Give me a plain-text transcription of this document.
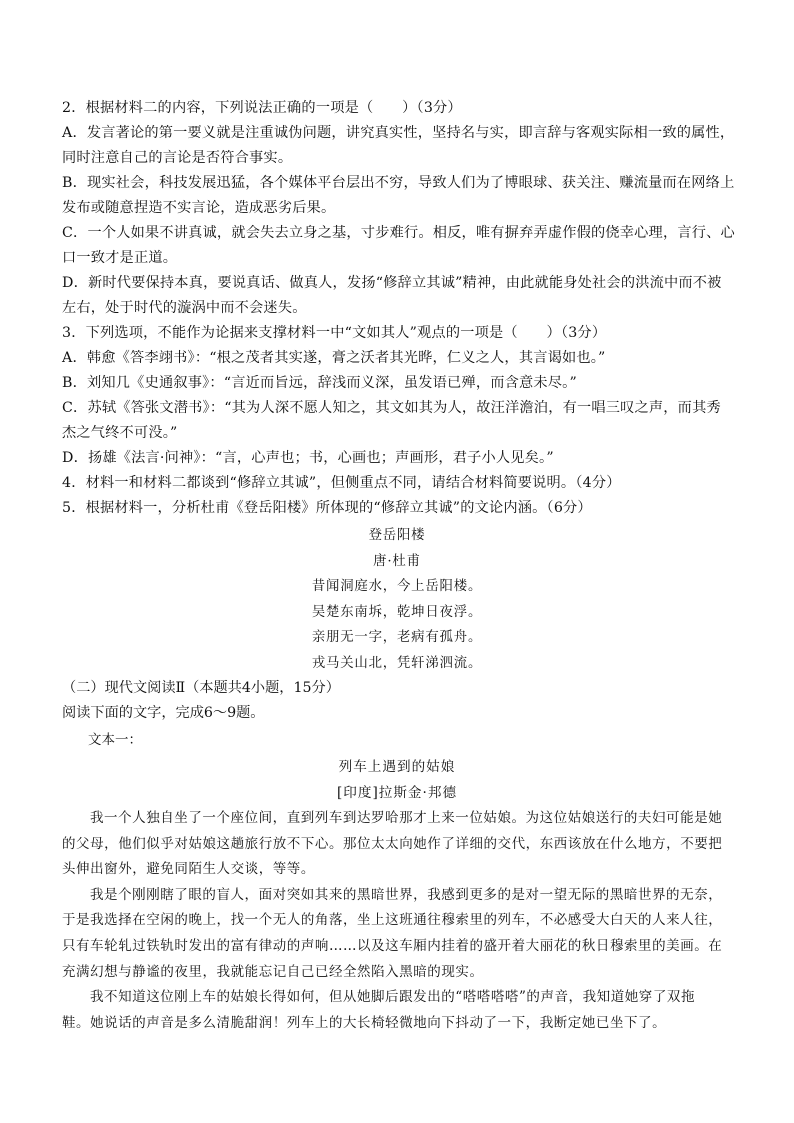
2．根据材料二的内容，下列说法正确的一项是（　　）（3分）
A．发言著论的第一要义就是注重诚伪问题，讲究真实性，坚持名与实，即言辞与客观实际相一致的属性，
同时注意自己的言论是否符合事实。
B．现实社会，科技发展迅猛，各个媒体平台层出不穷，导致人们为了博眼球、获关注、赚流量而在网络上
发布或随意捏造不实言论，造成恶劣后果。
C．一个人如果不讲真诚，就会失去立身之基，寸步难行。相反，唯有摒弃弄虚作假的侥幸心理，言行、心
口一致才是正道。
D．新时代要保持本真，要说真话、做真人，发扬“修辞立其诚”精神，由此就能身处社会的洪流中而不被
左右，处于时代的漩涡中而不会迷失。
3．下列选项，不能作为论据来支撑材料一中“文如其人”观点的一项是（　　）（3分）
A．韩愈《答李翊书》：“根之茂者其实遂，膏之沃者其光晔，仁义之人，其言谒如也。”
B．刘知几《史通叙事》：“言近而旨远，辞浅而义深，虽发语已殚，而含意未尽。”
C．苏轼《答张文潜书》：“其为人深不愿人知之，其文如其为人，故汪洋澹泊，有一唱三叹之声，而其秀
杰之气终不可没。”
D．扬雄《法言·问神》：“言，心声也；书，心画也；声画形，君子小人见矣。”
4．材料一和材料二都谈到“修辞立其诚”，但侧重点不同，请结合材料简要说明。（4分）
5．根据材料一，分析杜甫《登岳阳楼》所体现的“修辞立其诚”的文论内涵。（6分）
登岳阳楼
唐·杜甫
昔闻洞庭水，今上岳阳楼。
吴楚东南坼，乾坤日夜浮。
亲朋无一字，老病有孤舟。
戎马关山北，凭轩涕泗流。
（二）现代文阅读Ⅱ（本题共4小题，15分）
阅读下面的文字，完成6～9题。
文本一：
列车上遇到的姑娘
[印度]拉斯金·邦德
我一个人独自坐了一个座位间，直到列车到达罗哈那才上来一位姑娘。为这位姑娘送行的夫妇可能是她
的父母，他们似乎对姑娘这趟旅行放不下心。那位太太向她作了详细的交代，东西该放在什么地方，不要把
头伸出窗外，避免同陌生人交谈，等等。
我是个刚刚瞎了眼的盲人，面对突如其来的黑暗世界，我感到更多的是对一望无际的黑暗世界的无奈，
于是我选择在空闲的晚上，找一个无人的角落，坐上这班通往穆索里的列车，不必感受大白天的人来人往，
只有车轮轧过铁轨时发出的富有律动的声响……以及这车厢内挂着的盛开着大丽花的秋日穆索里的美画。在
充满幻想与静谧的夜里，我就能忘记自己已经全然陷入黑暗的现实。
我不知道这位刚上车的姑娘长得如何，但从她脚后跟发出的“嗒嗒嗒嗒”的声音，我知道她穿了双拖
鞋。她说话的声音是多么清脆甜润！列车上的大长椅轻微地向下抖动了一下，我断定她已坐下了。
